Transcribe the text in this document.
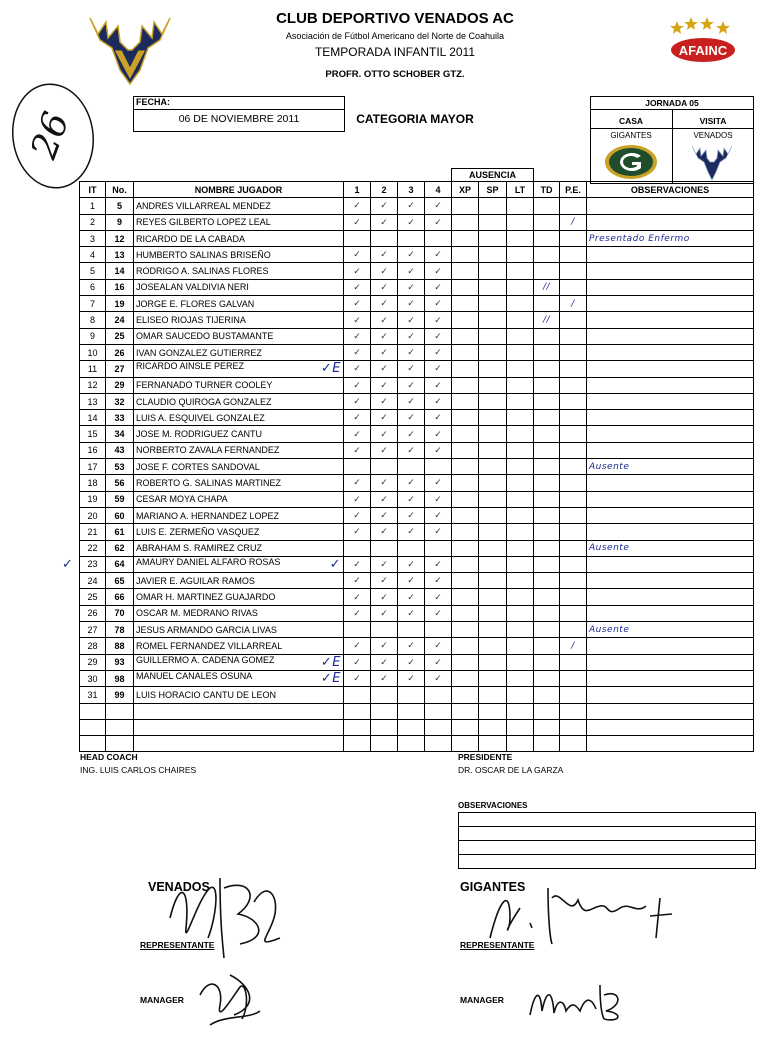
CLUB DEPORTIVO VENADOS AC
Asociación de Fútbol Americano del Norte de Coahuila
TEMPORADA INFANTIL 2011
PROFR. OTTO SCHOBER GTZ.
AFAINC
26
FECHA:
06 DE NOVIEMBRE 2011	CATEGORIA MAYOR
JORNADA 05
CASA	VISITA
GIGANTES	VENADOS
							AUSENCIA					
IT	No.	NOMBRE JUGADOR	1	2	3	4	XP	SP	LT	TD	P.E.	OBSERVACIONES
1	5	ANDRES VILLARREAL MENDEZ	✓	✓	✓	✓						
2	9	REYES GILBERTO LOPEZ LEAL	✓	✓	✓	✓					/	
3	12	RICARDO DE LA CABADA										Presentado Enfermo
4	13	HUMBERTO SALINAS BRISEÑO	✓	✓	✓	✓						
5	14	RODRIGO A. SALINAS FLORES	✓	✓	✓	✓						
6	16	JOSEALAN VALDIVIA NERI	✓	✓	✓	✓				//		
7	19	JORGE E. FLORES GALVAN	✓	✓	✓	✓					/	
8	24	ELISEO RIOJAS TIJERINA	✓	✓	✓	✓				//		
9	25	OMAR SAUCEDO BUSTAMANTE	✓	✓	✓	✓						
10	26	IVAN GONZALEZ GUTIERREZ	✓	✓	✓	✓						
11	27	RICARDO AINSLE PEREZ ✓E	✓	✓	✓	✓						
12	29	FERNANADO TURNER COOLEY	✓	✓	✓	✓						
13	32	CLAUDIO QUIROGA GONZALEZ	✓	✓	✓	✓						
14	33	LUIS A. ESQUIVEL GONZALEZ	✓	✓	✓	✓						
15	34	JOSE M. RODRIGUEZ CANTU	✓	✓	✓	✓						
16	43	NORBERTO ZAVALA FERNANDEZ	✓	✓	✓	✓						
17	53	JOSE F. CORTES SANDOVAL										Ausente
18	56	ROBERTO G. SALINAS MARTINEZ	✓	✓	✓	✓						
19	59	CESAR MOYA CHAPA	✓	✓	✓	✓						
20	60	MARIANO A. HERNANDEZ LOPEZ	✓	✓	✓	✓						
21	61	LUIS E. ZERMEÑO VASQUEZ	✓	✓	✓	✓						
22	62	ABRAHAM S. RAMIREZ CRUZ										Ausente
23	64	AMAURY DANIEL ALFARO ROSAS ✓	✓	✓	✓	✓						
24	65	JAVIER E. AGUILAR RAMOS	✓	✓	✓	✓						
25	66	OMAR H. MARTINEZ GUAJARDO	✓	✓	✓	✓						
26	70	OSCAR M. MEDRANO RIVAS	✓	✓	✓	✓						
27	78	JESUS ARMANDO GARCIA LIVAS										Ausente
28	88	ROMEL FERNANDEZ VILLARREAL	✓	✓	✓	✓					/	
29	93	GUILLERMO A. CADENA GOMEZ ✓E	✓	✓	✓	✓						
30	98	MANUEL CANALES OSUNA ✓E	✓	✓	✓	✓						
31	99	LUIS HORACIO CANTU DE LEON										

HEAD COACH
ING. LUIS CARLOS CHAIRES
PRESIDENTE
DR. OSCAR DE LA GARZA
OBSERVACIONES
VENADOS	GIGANTES
REPRESENTANTE	REPRESENTANTE
MANAGER	MANAGER
✓
